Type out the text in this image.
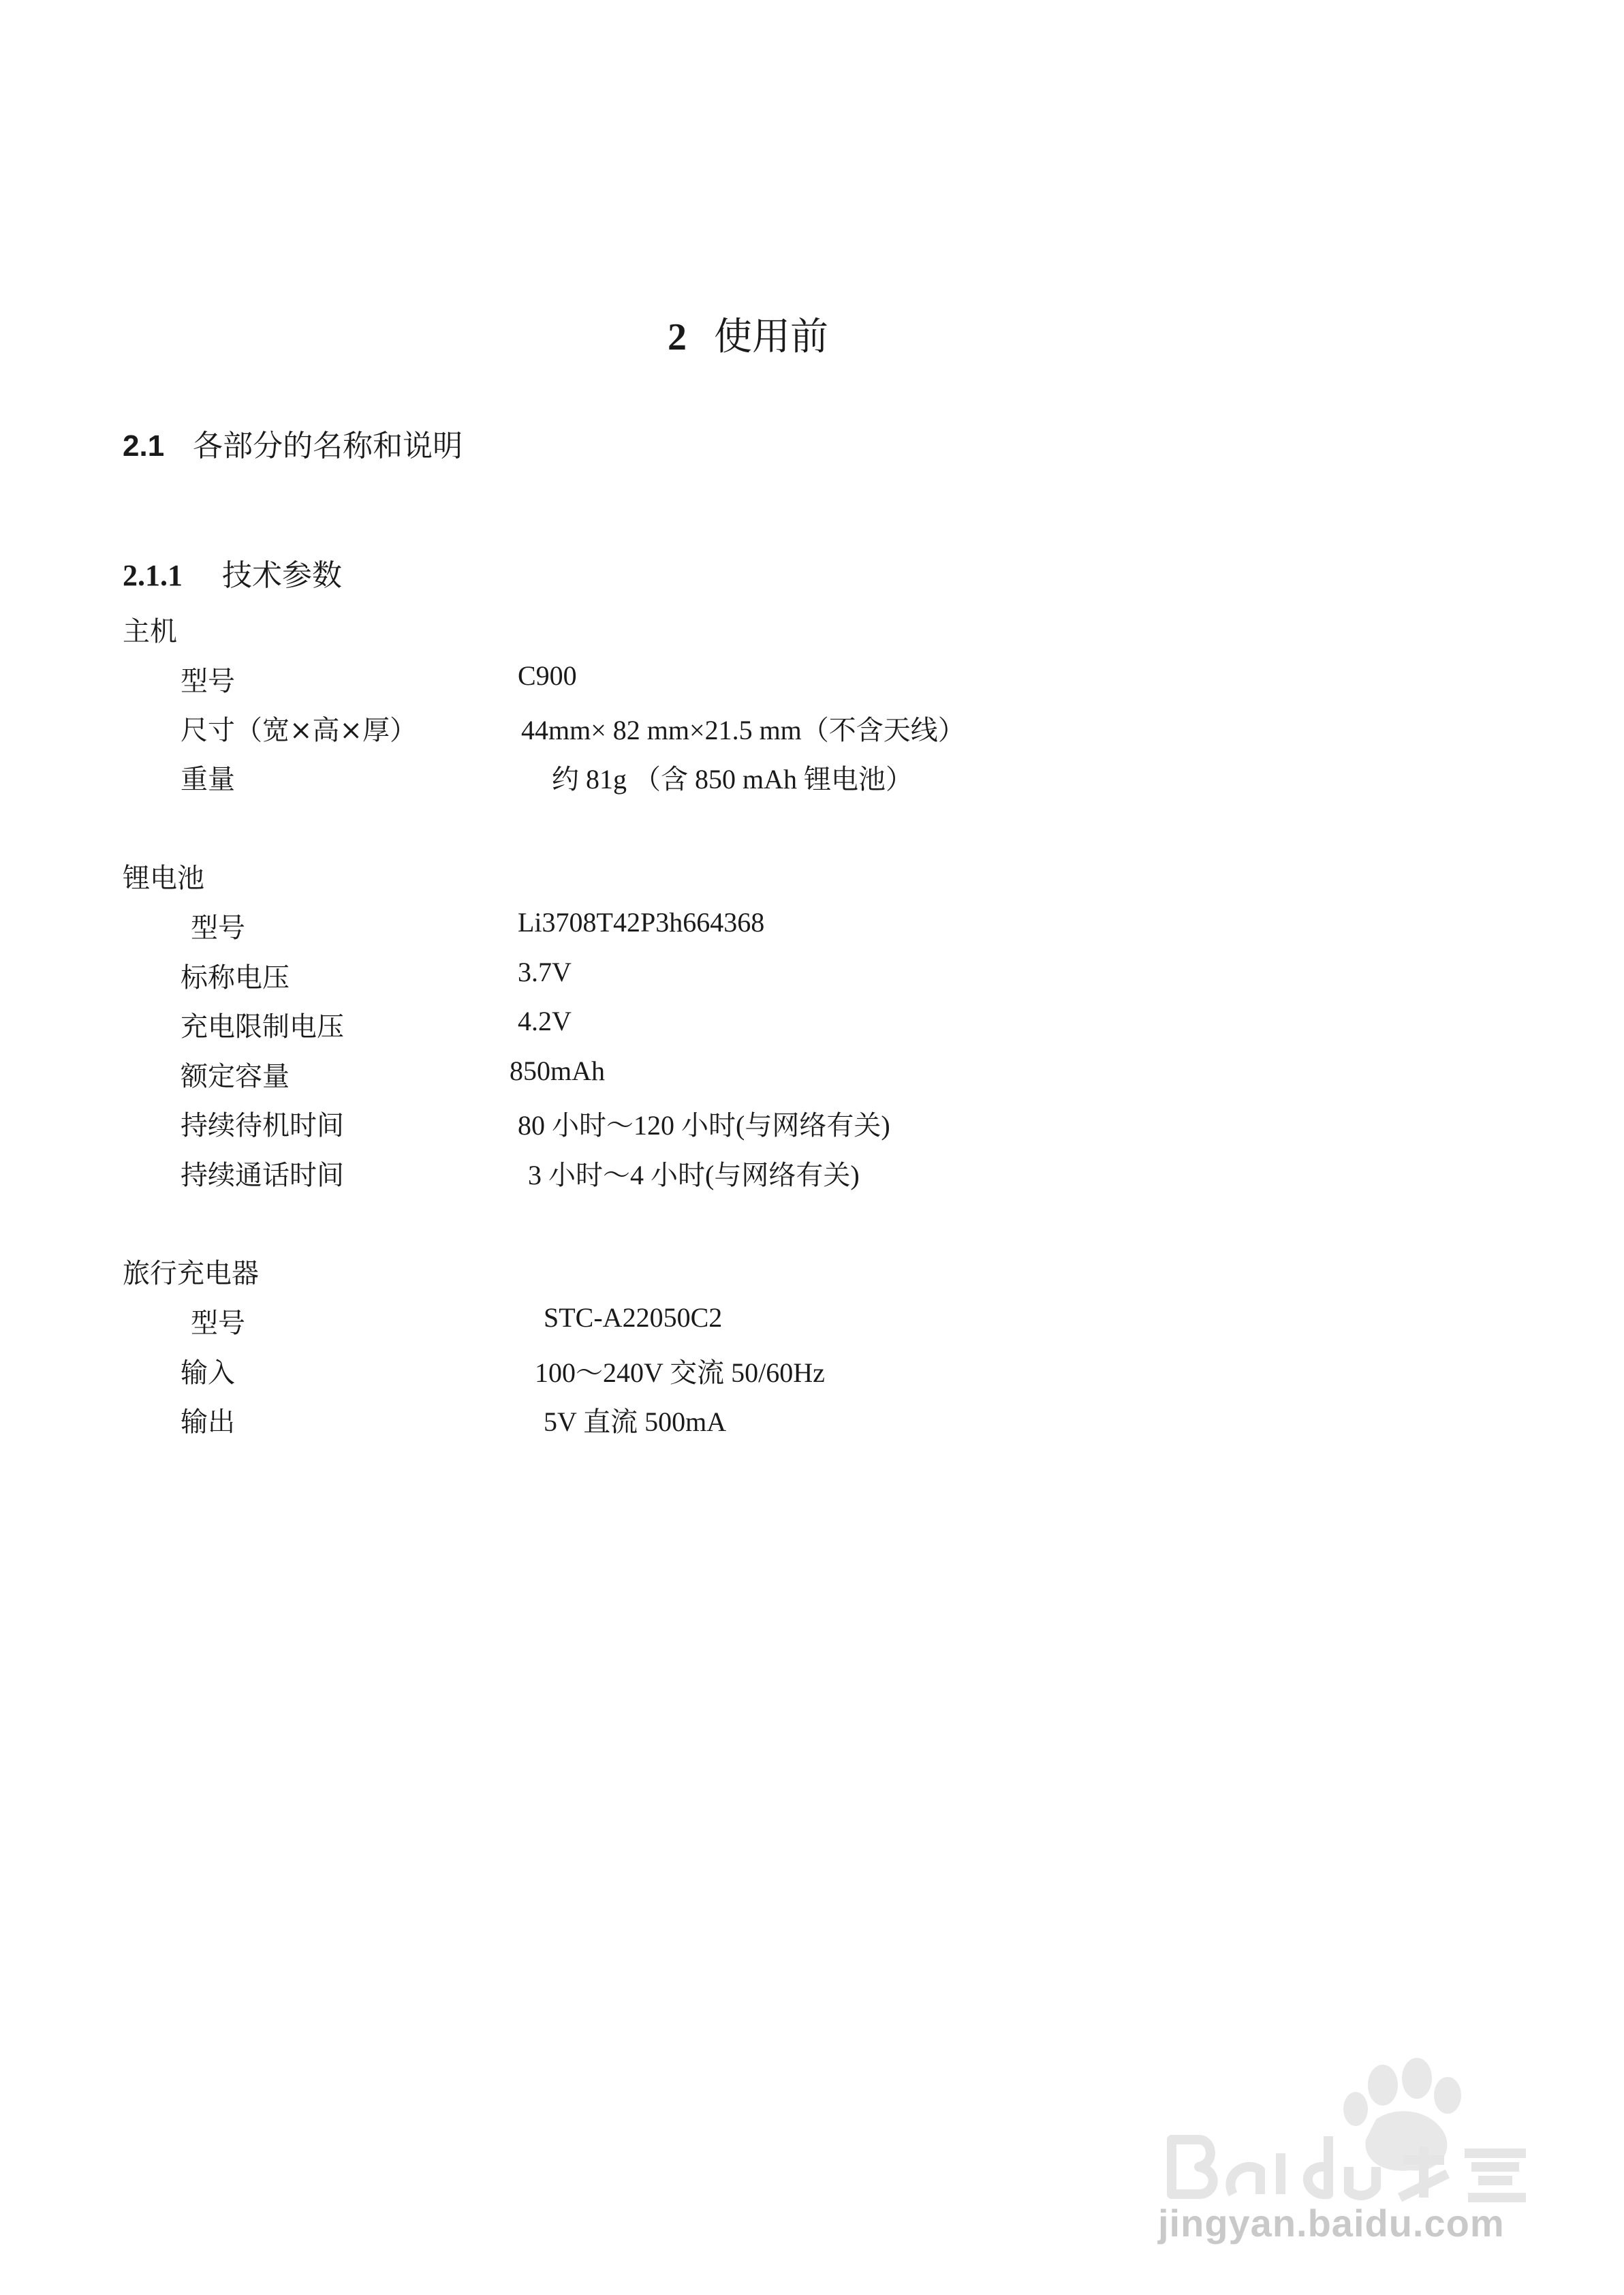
2 使用前
2.1 各部分的名称和说明
2.1.1 技术参数
主机
型号	C900
尺寸（宽×高×厚）	44mm× 82 mm×21.5 mm（不含天线）
重量	约 81g （含 850 mAh 锂电池）
锂电池
型号	Li3708T42P3h664368
标称电压	3.7V
充电限制电压	4.2V
额定容量	850mAh
持续待机时间	80 小时～120 小时(与网络有关)
持续通话时间	3 小时～4 小时(与网络有关)
旅行充电器
型号	STC-A22050C2
输入	100～240V 交流 50/60Hz
输出	5V 直流 500mA
jingyan.baidu.com
